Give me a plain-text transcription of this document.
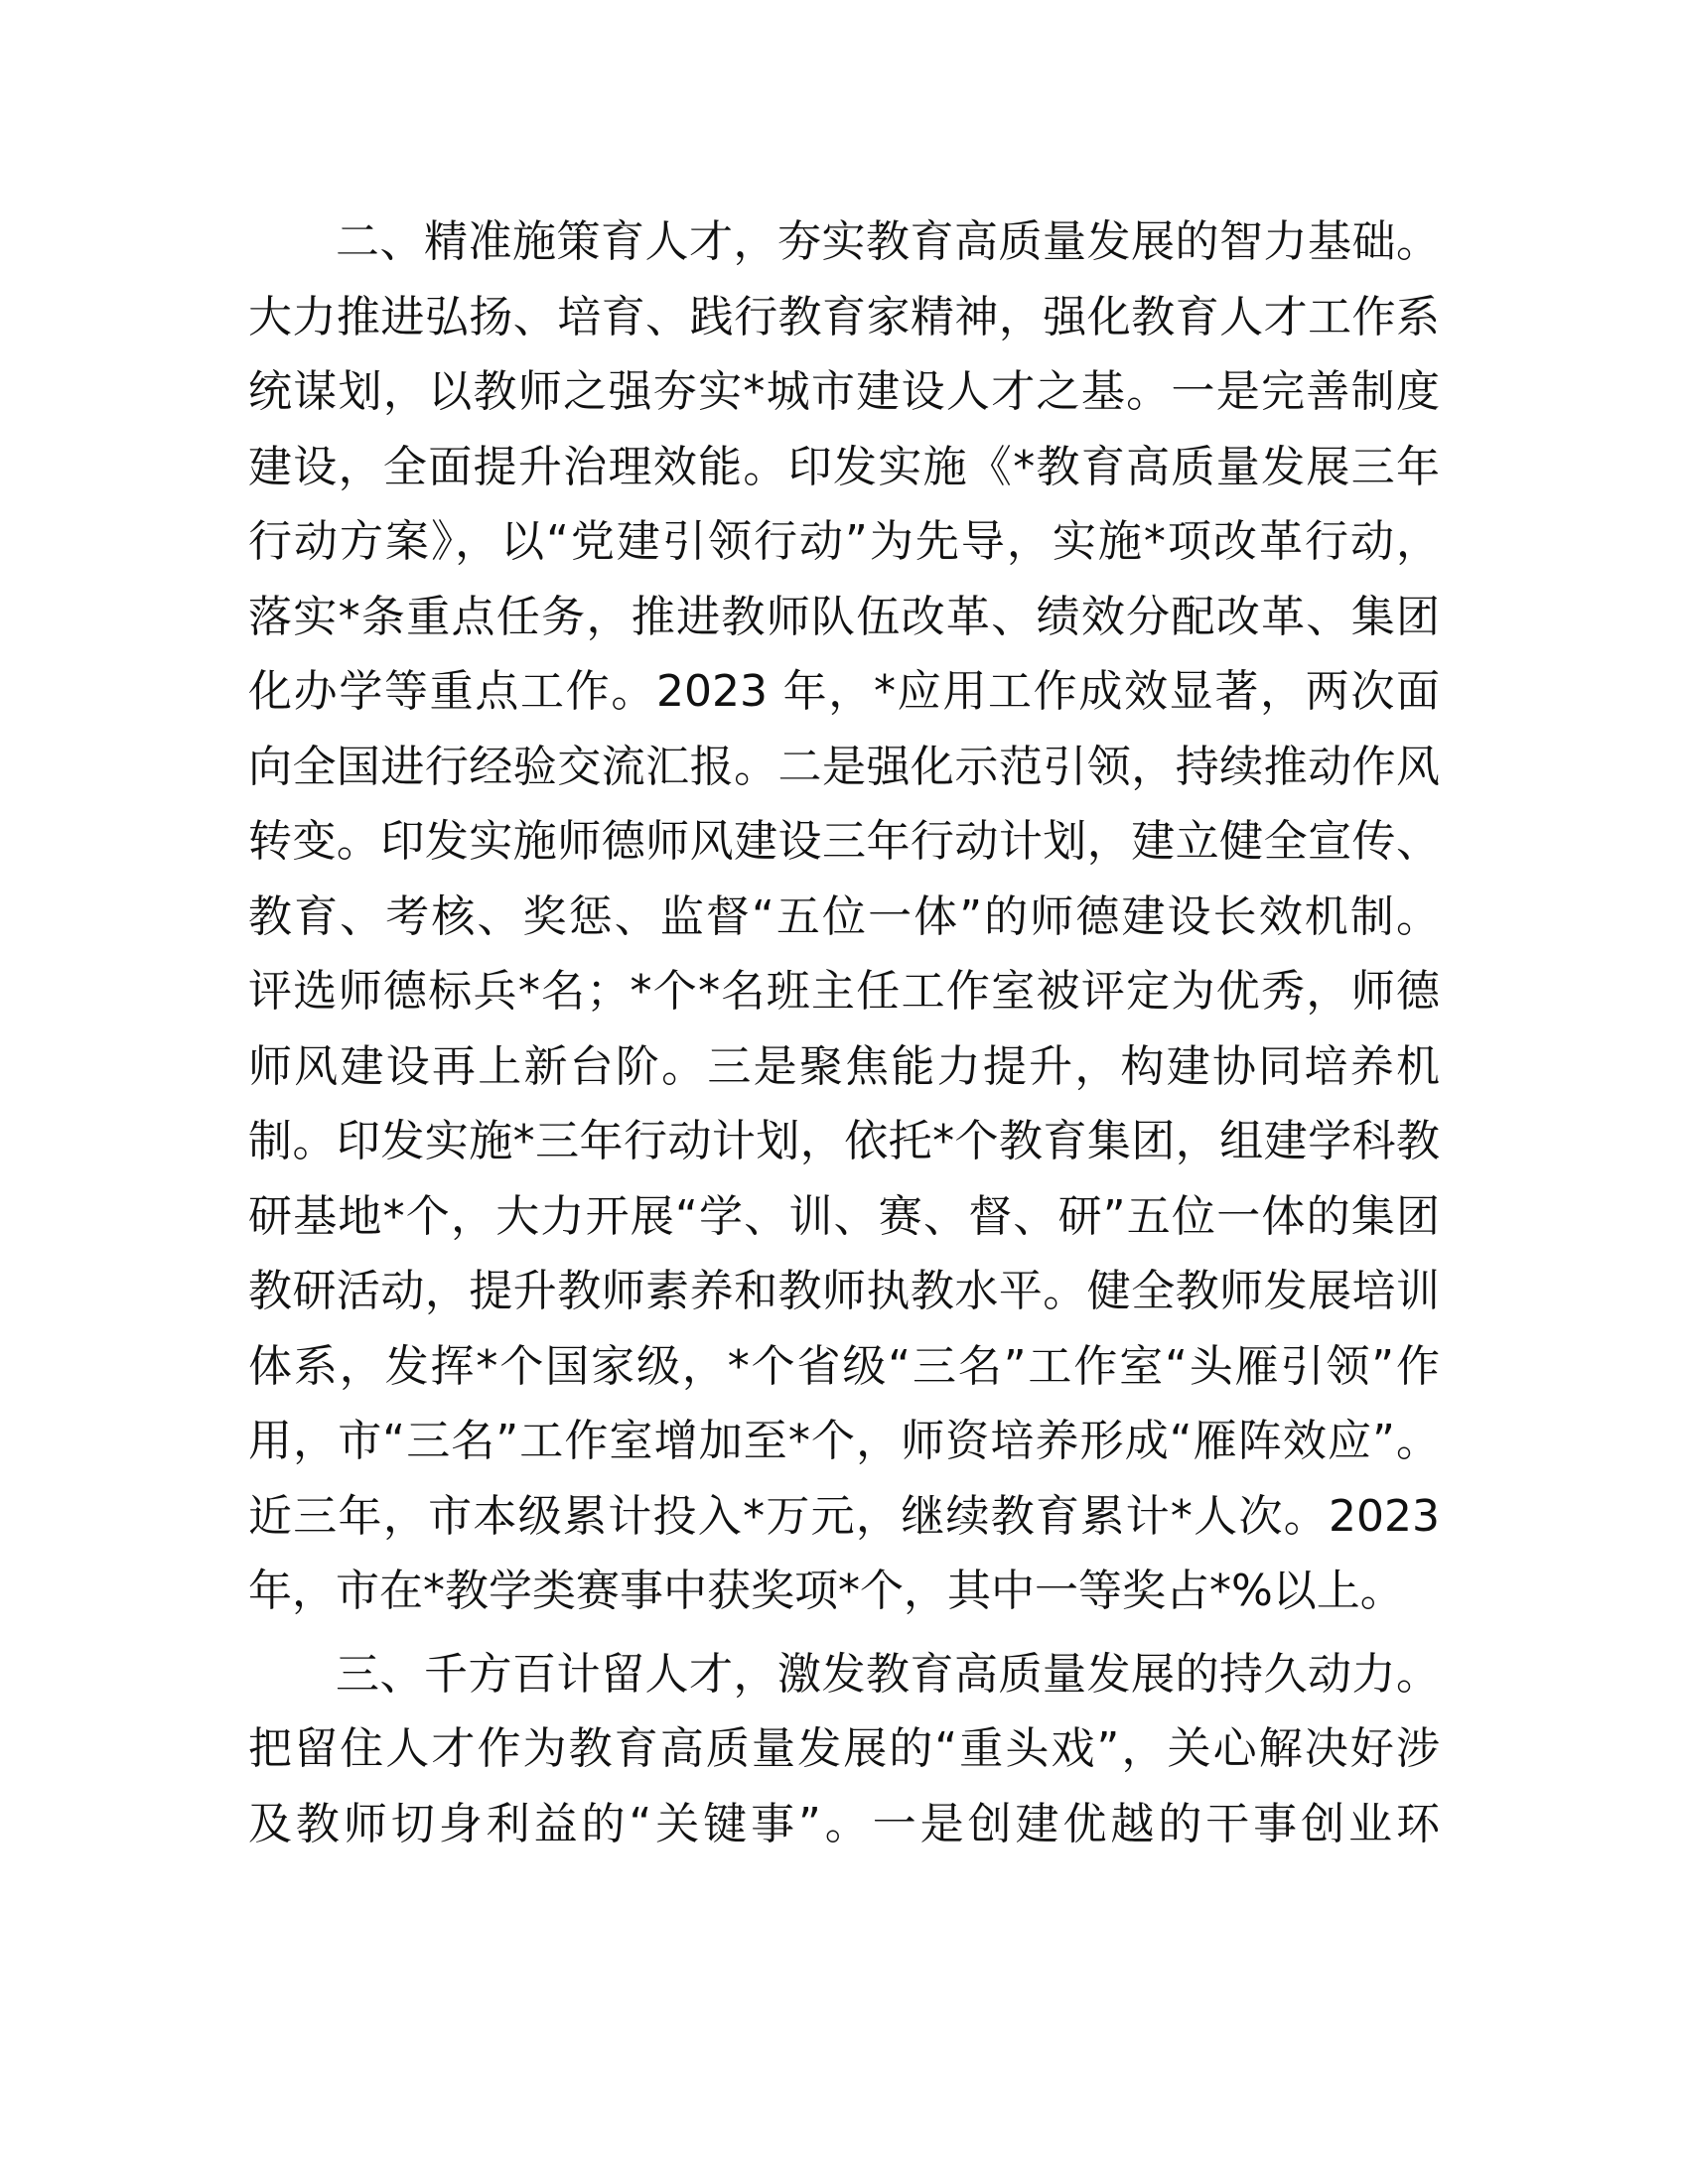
二、精准施策育人才，夯实教育高质量发展的智力基础。
大力推进弘扬、培育、践行教育家精神，强化教育人才工作系
统谋划，以教师之强夯实*城市建设人才之基。一是完善制度
建设，全面提升治理效能。印发实施《*教育高质量发展三年
行动方案》，以“党建引领行动”为先导，实施*项改革行动，
落实*条重点任务，推进教师队伍改革、绩效分配改革、集团
化办学等重点工作。2023 年，*应用工作成效显著，两次面
向全国进行经验交流汇报。二是强化示范引领，持续推动作风
转变。印发实施师德师风建设三年行动计划，建立健全宣传、
教育、考核、奖惩、监督“五位一体”的师德建设长效机制。
评选师德标兵*名；*个*名班主任工作室被评定为优秀，师德
师风建设再上新台阶。三是聚焦能力提升，构建协同培养机
制。印发实施*三年行动计划，依托*个教育集团，组建学科教
研基地*个，大力开展“学、训、赛、督、研”五位一体的集团
教研活动，提升教师素养和教师执教水平。健全教师发展培训
体系，发挥*个国家级，*个省级“三名”工作室“头雁引领”作
用，市“三名”工作室增加至*个，师资培养形成“雁阵效应”。
近三年，市本级累计投入*万元，继续教育累计*人次。2023
年，市在*教学类赛事中获奖项*个，其中一等奖占*%以上。
三、千方百计留人才，激发教育高质量发展的持久动力。
把留住人才作为教育高质量发展的“重头戏”，关心解决好涉
及教师切身利益的“关键事”。一是创建优越的干事创业环
